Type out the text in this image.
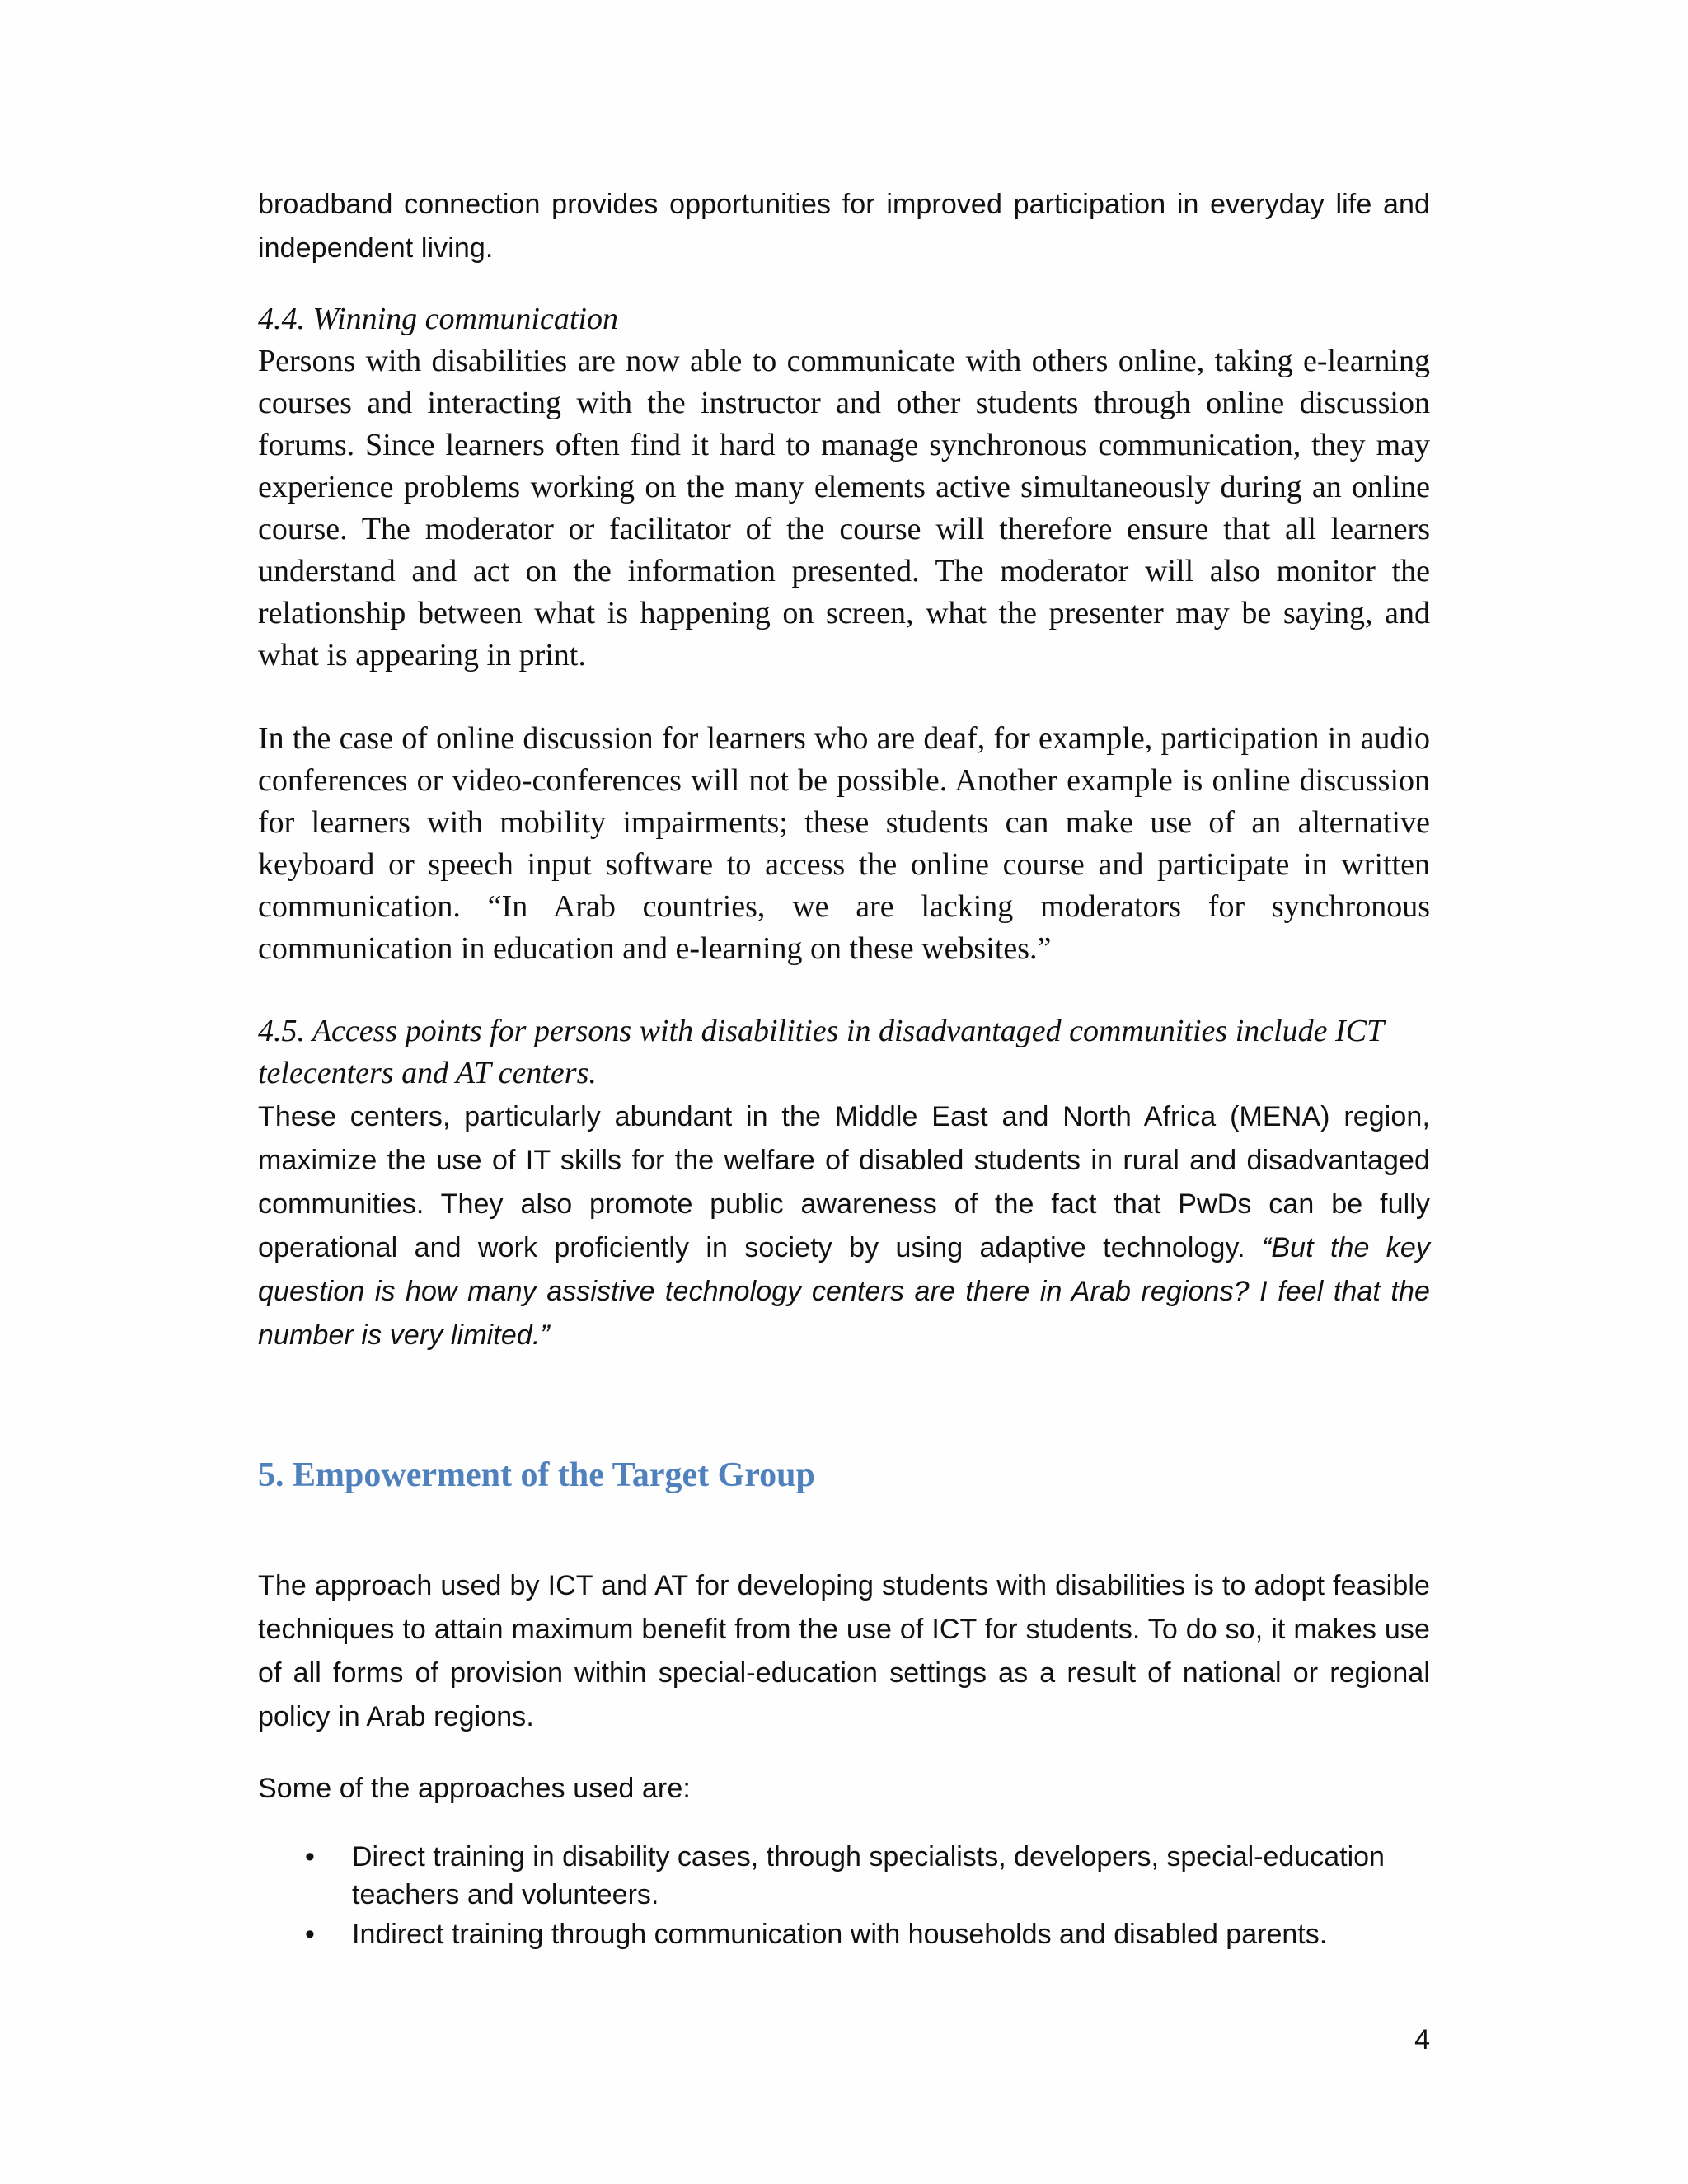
broadband connection provides opportunities for improved participation in everyday life and independent living.

4.4. Winning communication

Persons with disabilities are now able to communicate with others online, taking e-learning courses and interacting with the instructor and other students through online discussion forums. Since learners often find it hard to manage synchronous communication, they may experience problems working on the many elements active simultaneously during an online course. The moderator or facilitator of the course will therefore ensure that all learners understand and act on the information presented. The moderator will also monitor the relationship between what is happening on screen, what the presenter may be saying, and what is appearing in print.

In the case of online discussion for learners who are deaf, for example, participation in audio conferences or video-conferences will not be possible. Another example is online discussion for learners with mobility impairments; these students can make use of an alternative keyboard or speech input software to access the online course and participate in written communication. “In Arab countries, we are lacking moderators for synchronous communication in education and e-learning on these websites.”

4.5. Access points for persons with disabilities in disadvantaged communities include ICT telecenters and AT centers.

These centers, particularly abundant in the Middle East and North Africa (MENA) region, maximize the use of IT skills for the welfare of disabled students in rural and disadvantaged communities. They also promote public awareness of the fact that PwDs can be fully operational and work proficiently in society by using adaptive technology. “But the key question is how many assistive technology centers are there in Arab regions? I feel that the number is very limited.”

5. Empowerment of the Target Group

The approach used by ICT and AT for developing students with disabilities is to adopt feasible techniques to attain maximum benefit from the use of ICT for students. To do so, it makes use of all forms of provision within special-education settings as a result of national or regional policy in Arab regions.

Some of the approaches used are:

• Direct training in disability cases, through specialists, developers, special-education teachers and volunteers.
• Indirect training through communication with households and disabled parents.
4
